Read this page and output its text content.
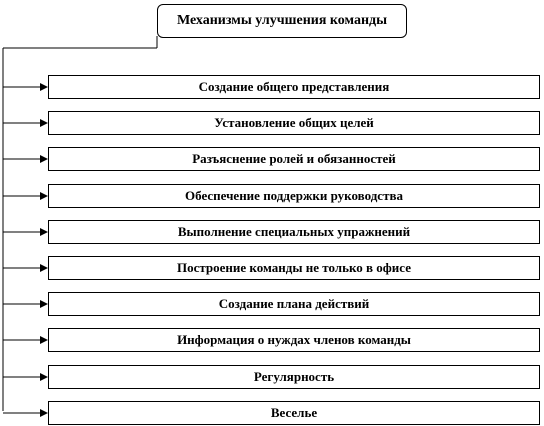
Механизмы улучшения команды
Создание общего представления
Установление общих целей
Разъяснение ролей и обязанностей
Обеспечение поддержки руководства
Выполнение специальных упражнений
Построение команды не только в офисе
Создание плана действий
Информация о нуждах членов команды
Регулярность
Веселье
